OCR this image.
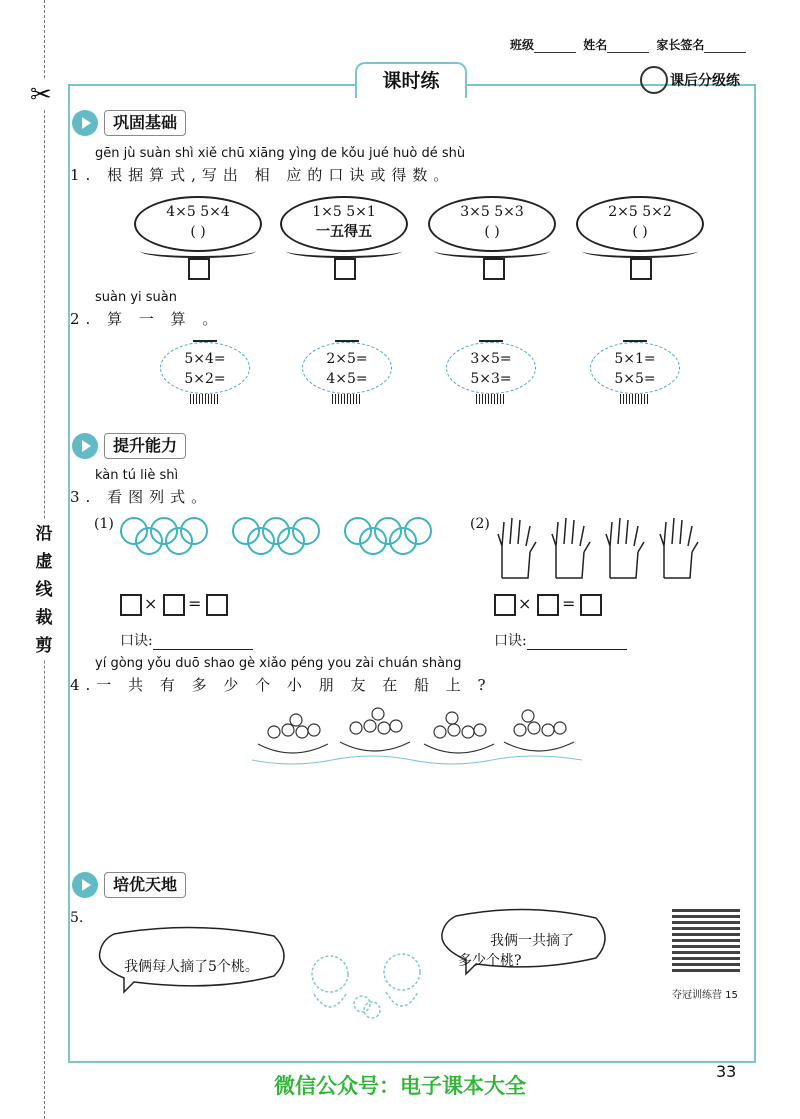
✂
沿虚线裁剪
班级	姓名	家长签名
课时练	课后分级练
巩固基础
gēn jù suàn shì xiě chū xiāng yìng de kǒu jué huò dé shù
1. 根据算式,写出 相 应的口诀或得数。
4×5 5×4
( )
1×5 5×1
一五得五
3×5 5×3
( )
2×5 5×2
( )
suàn yi suàn
2. 算 一 算 。
5×4=
5×2=
2×5=
4×5=
3×5=
5×3=
5×1=
5×5=
提升能力
kàn tú liè shì
3. 看图列式。
(1)	(2)
× =
口诀:
× =
口诀:
yí gòng yǒu duō shao gè xiǎo péng you zài chuán shàng
4.一 共 有 多 少 个 小 朋 友 在 船 上 ?
培优天地
5.
我俩每人摘了5个桃。
我俩一共摘了
多少个桃?
夺冠训练营 15
33
微信公众号：电子课本大全
